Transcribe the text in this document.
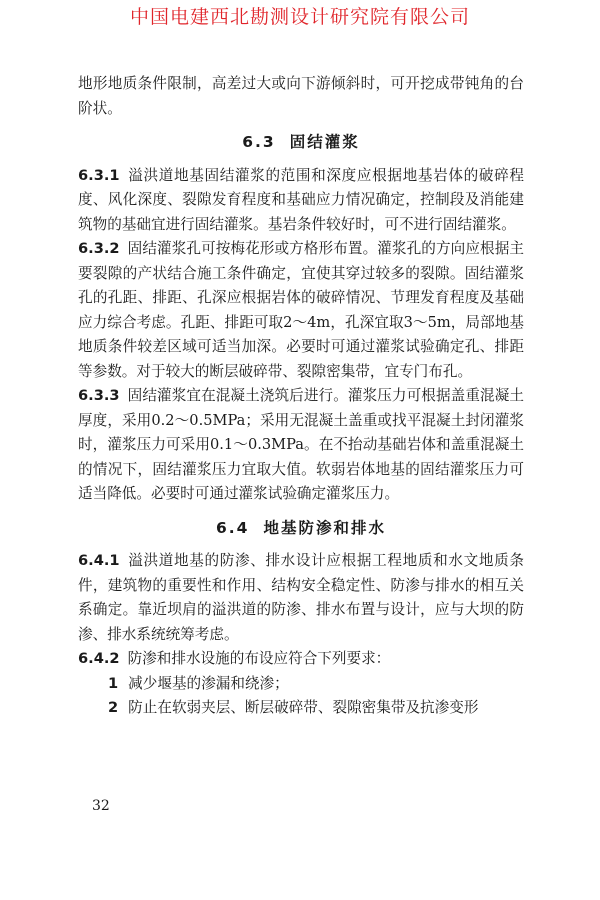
中国电建西北勘测设计研究院有限公司

地形地质条件限制，高差过大或向下游倾斜时，可开挖成带钝角的台阶状。

6.3 固结灌浆

6.3.1 溢洪道地基固结灌浆的范围和深度应根据地基岩体的破碎程度、风化深度、裂隙发育程度和基础应力情况确定，控制段及消能建筑物的基础宜进行固结灌浆。基岩条件较好时，可不进行固结灌浆。

6.3.2 固结灌浆孔可按梅花形或方格形布置。灌浆孔的方向应根据主要裂隙的产状结合施工条件确定，宜使其穿过较多的裂隙。固结灌浆孔的孔距、排距、孔深应根据岩体的破碎情况、节理发育程度及基础应力综合考虑。孔距、排距可取2～4m，孔深宜取3～5m，局部地基地质条件较差区域可适当加深。必要时可通过灌浆试验确定孔、排距等参数。对于较大的断层破碎带、裂隙密集带，宜专门布孔。

6.3.3 固结灌浆宜在混凝土浇筑后进行。灌浆压力可根据盖重混凝土厚度，采用0.2～0.5MPa；采用无混凝土盖重或找平混凝土封闭灌浆时，灌浆压力可采用0.1～0.3MPa。在不抬动基础岩体和盖重混凝土的情况下，固结灌浆压力宜取大值。软弱岩体地基的固结灌浆压力可适当降低。必要时可通过灌浆试验确定灌浆压力。

6.4 地基防渗和排水

6.4.1 溢洪道地基的防渗、排水设计应根据工程地质和水文地质条件，建筑物的重要性和作用、结构安全稳定性、防渗与排水的相互关系确定。靠近坝肩的溢洪道的防渗、排水布置与设计，应与大坝的防渗、排水系统统筹考虑。

6.4.2 防渗和排水设施的布设应符合下列要求：

1 减少堰基的渗漏和绕渗；

2 防止在软弱夹层、断层破碎带、裂隙密集带及抗渗变形

32
